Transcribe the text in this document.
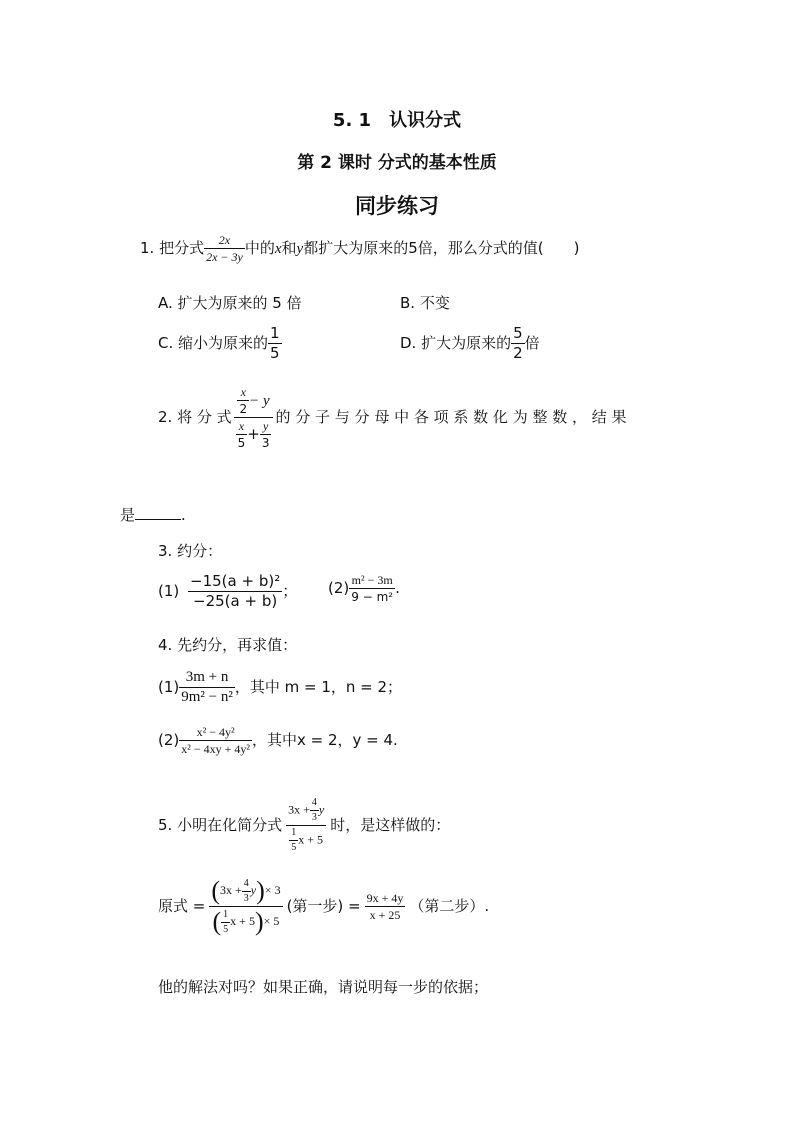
5. 1　认识分式
第 2 课时 分式的基本性质
同步练习
1. 把分式 $\frac{2x}{2x - 3y}$ 中的x和y都扩大为原来的5倍，那么分式的值(　　)
A. 扩大为原来的 5 倍	B. 不变
C. 缩小为原来的 $\frac{1}{5}$	D. 扩大为原来的 $\frac{5}{2}$ 倍
2. 将 分 式 $\frac{\frac{x}{2} - y}{\frac{x}{5} + \frac{y}{3}}$ 的 分 子 与 分 母 中 各 项 系 数 化 为 整 数 ， 结 果
是	.
3. 约分：
$(1) \frac{\text{−15(a + b)²}}{-25(a + b)}$ ； $(2) \frac{\text{m² − 3m}}{\text{9 − m²}}$ .
4. 先约分，再求值：
$(1) \frac{3m + n}{\text{9m² − n²}}$ ，其中 m = 1，n = 2；
$(2) \frac{\text{x² − 4y²}}{\text{x² − 4xy + 4y²}}$ ，其中x = 2，y = 4.
5. 小明在化简分式 $\frac{3x + \frac{4}{3} y}{\frac{1}{5} x + 5}$ 时，是这样做的：
原式 = $\frac{(3x + \frac{4}{3} y)\times 3}{( \frac{1}{5} x + 5)\times 5}$ (第一步) = $\frac{9x + 4y}{x + 25}$ （第二步）.
他的解法对吗？如果正确，请说明每一步的依据；
